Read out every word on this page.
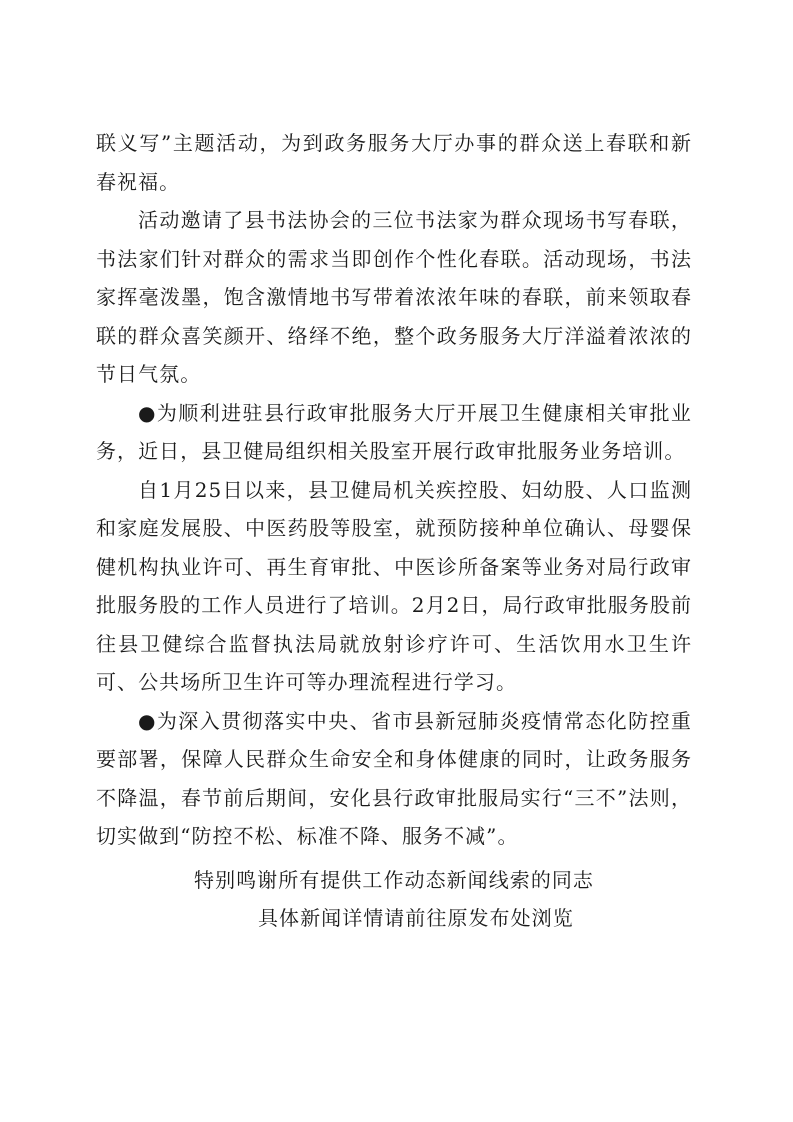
联义写”主题活动，为到政务服务大厅办事的群众送上春联和新春祝福。

活动邀请了县书法协会的三位书法家为群众现场书写春联，书法家们针对群众的需求当即创作个性化春联。活动现场，书法家挥毫泼墨，饱含激情地书写带着浓浓年味的春联，前来领取春联的群众喜笑颜开、络绎不绝，整个政务服务大厅洋溢着浓浓的节日气氛。

●为顺利进驻县行政审批服务大厅开展卫生健康相关审批业务，近日，县卫健局组织相关股室开展行政审批服务业务培训。

自1月25日以来，县卫健局机关疾控股、妇幼股、人口监测和家庭发展股、中医药股等股室，就预防接种单位确认、母婴保健机构执业许可、再生育审批、中医诊所备案等业务对局行政审批服务股的工作人员进行了培训。2月2日，局行政审批服务股前往县卫健综合监督执法局就放射诊疗许可、生活饮用水卫生许可、公共场所卫生许可等办理流程进行学习。

●为深入贯彻落实中央、省市县新冠肺炎疫情常态化防控重要部署，保障人民群众生命安全和身体健康的同时，让政务服务不降温，春节前后期间，安化县行政审批服局实行“三不”法则，切实做到“防控不松、标准不降、服务不减”。

特别鸣谢所有提供工作动态新闻线索的同志
具体新闻详情请前往原发布处浏览
